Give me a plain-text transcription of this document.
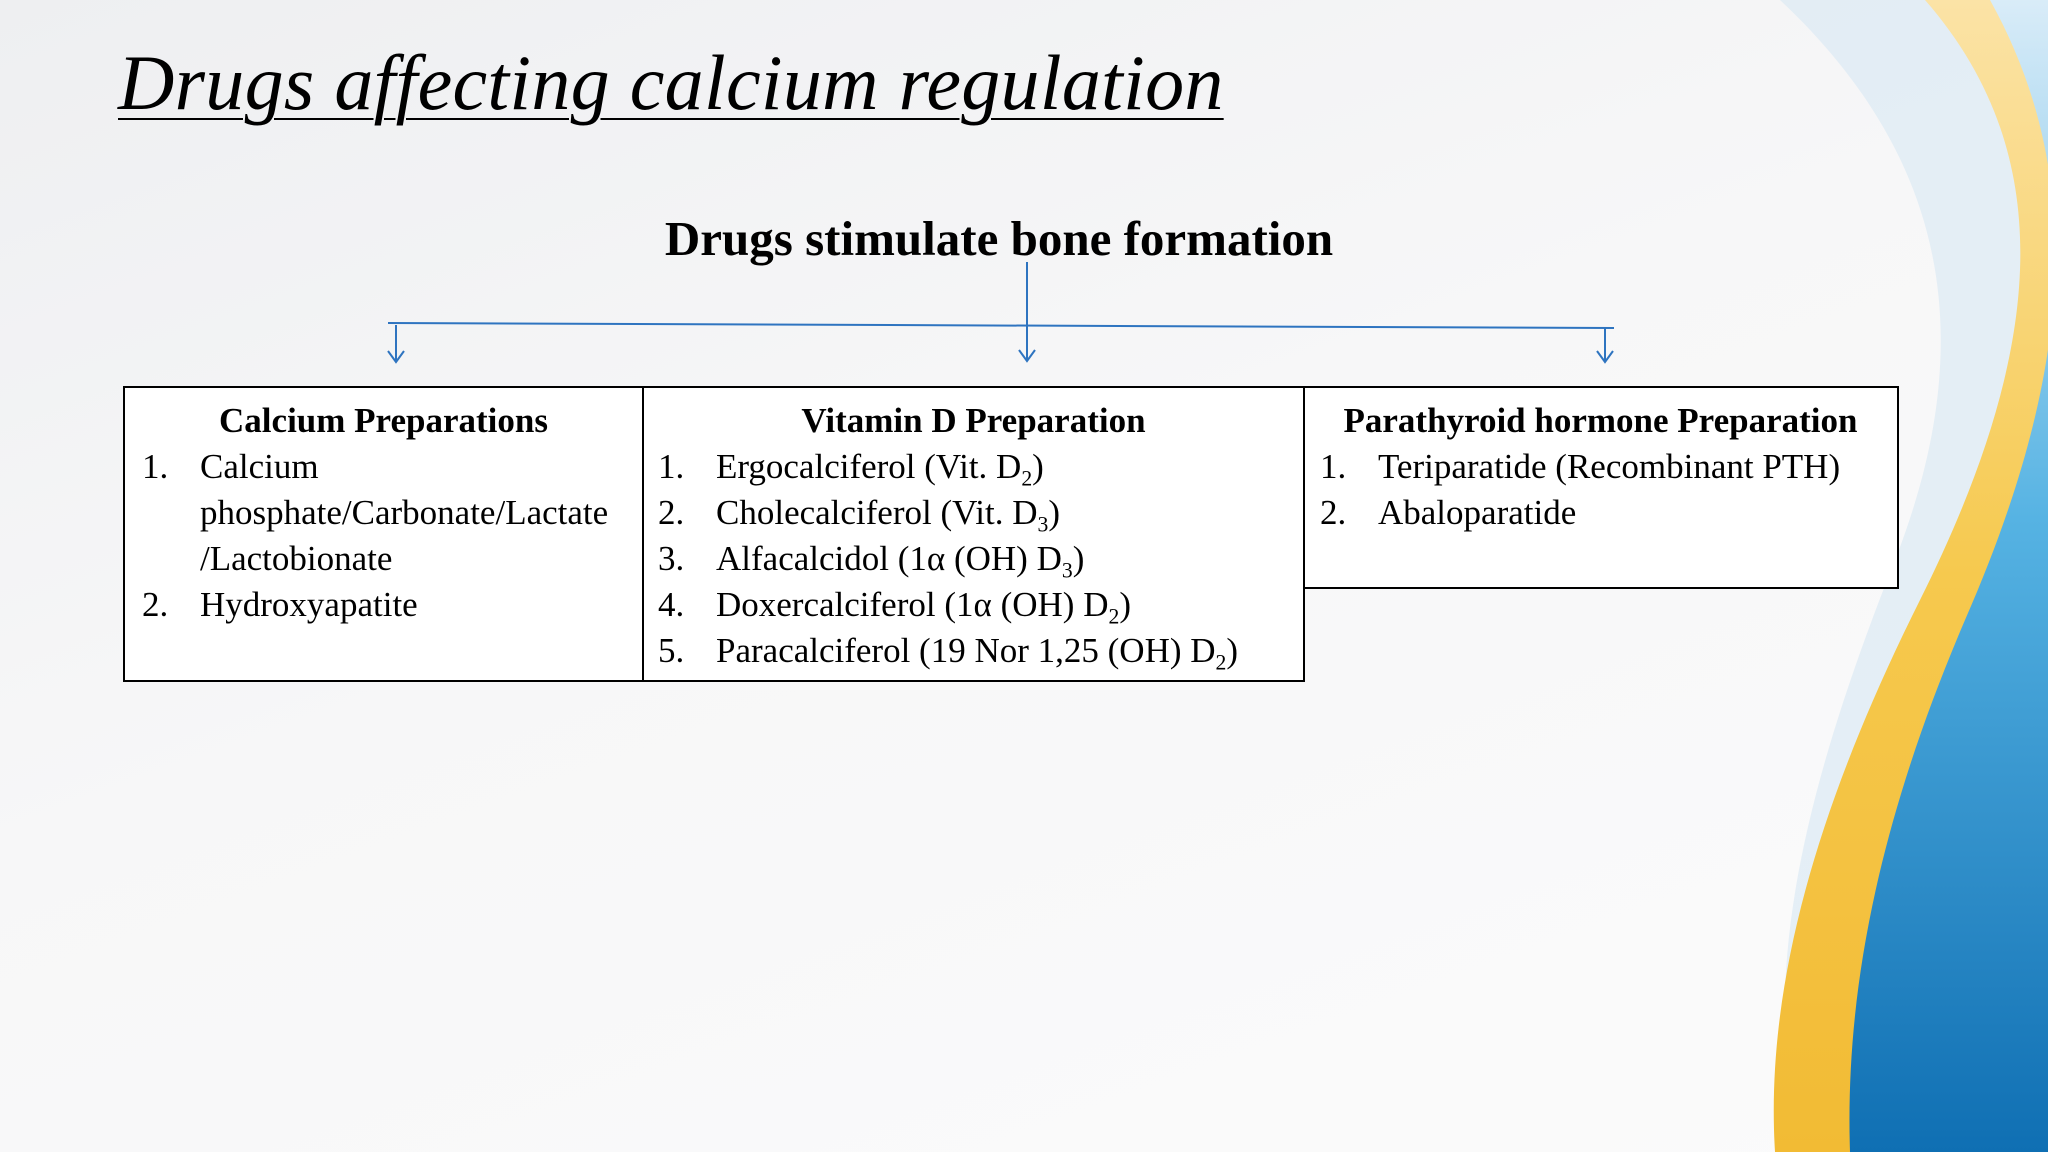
Drugs affecting calcium regulation
Drugs stimulate bone formation

Calcium Preparations

1. Calcium phosphate/Carbonate/Lactate /Lactobionate
2. Hydroxyapatite

Vitamin D Preparation

1. Ergocalciferol (Vit. $D_2$)
2. Cholecalciferol (Vit. $D_3$)
3. Alfacalcidol (1α (OH) $D_3$)
4. Doxercalciferol (1α (OH) $D_2$)
5. Paracalciferol (19 Nor 1,25 (OH) $D_2$)

Parathyroid hormone Preparation

1. Teriparatide (Recombinant PTH)
2. Abaloparatide
